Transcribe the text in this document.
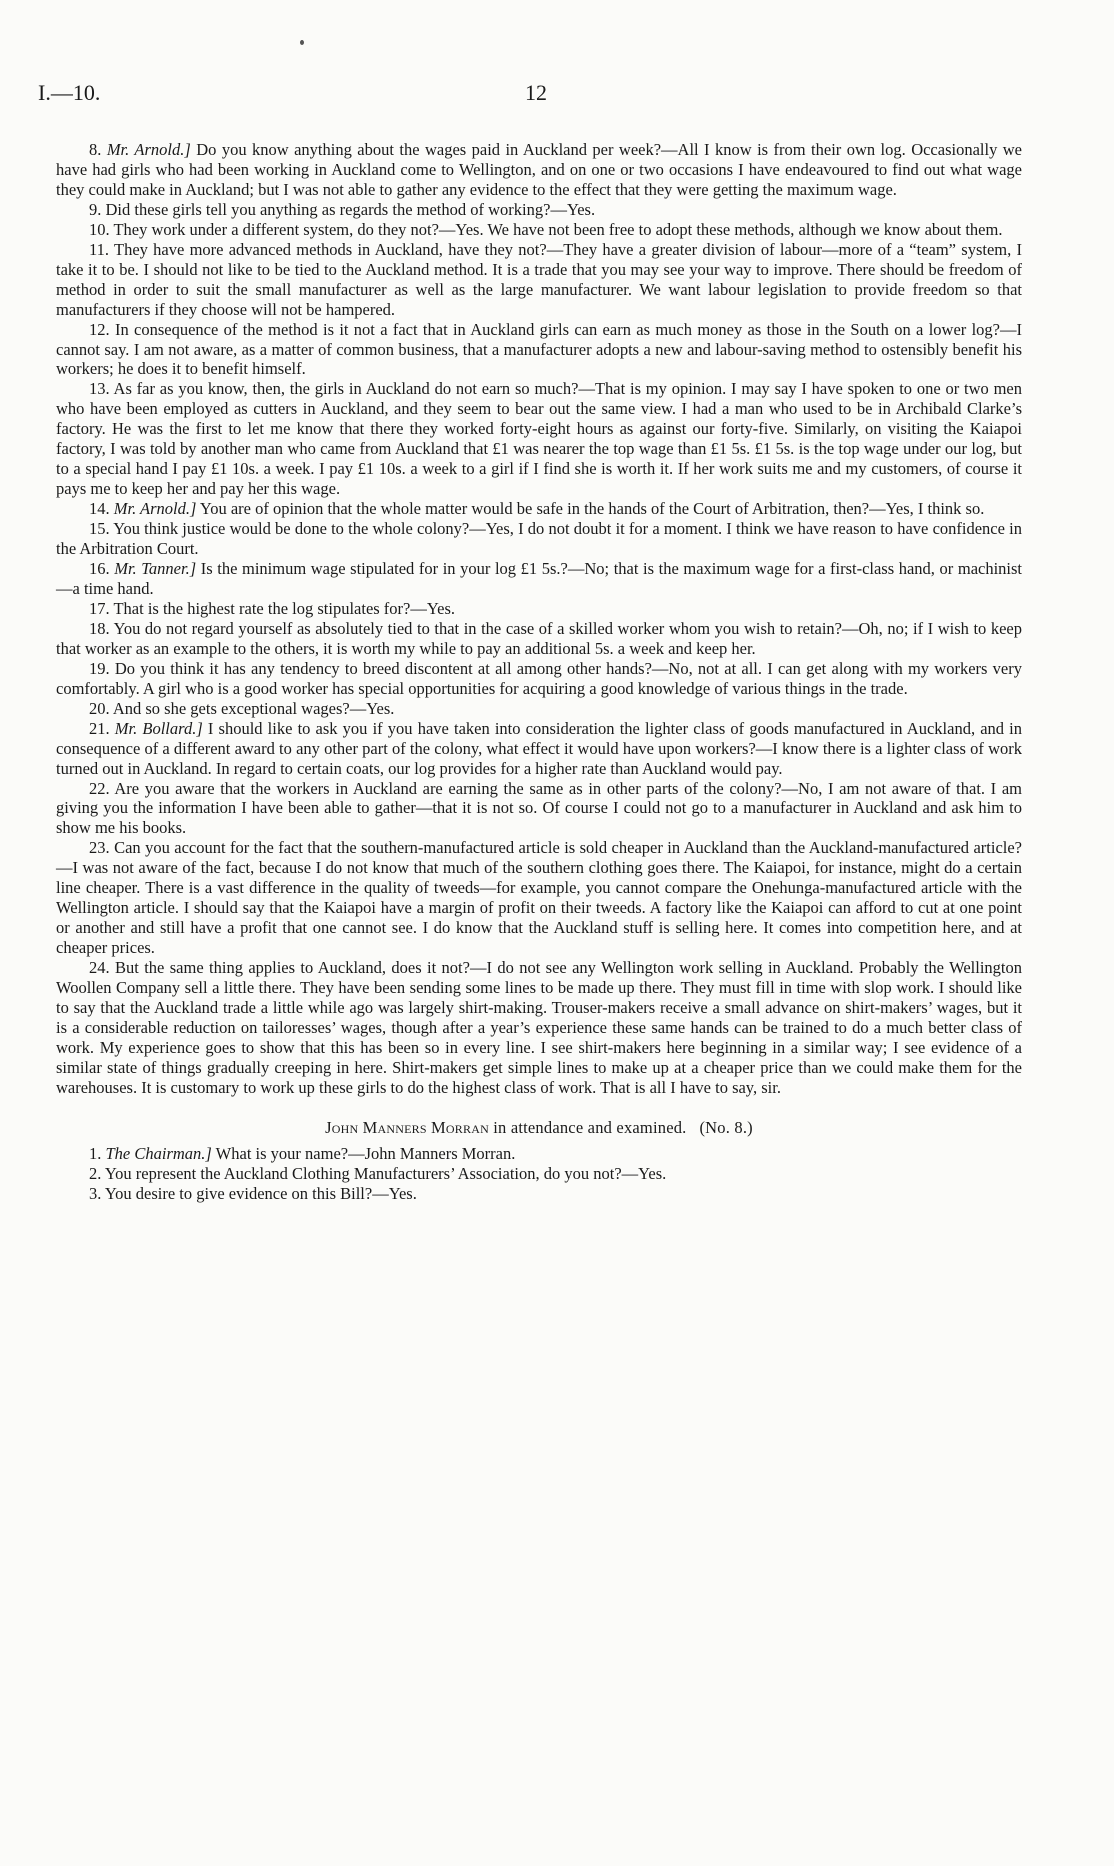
I.—10.	12

8. Mr. Arnold.] Do you know anything about the wages paid in Auckland per week?—All I know is from their own log. Occasionally we have had girls who had been working in Auckland come to Wellington, and on one or two occasions I have endeavoured to find out what wage they could make in Auckland; but I was not able to gather any evidence to the effect that they were getting the maximum wage.

9. Did these girls tell you anything as regards the method of working?—Yes.

10. They work under a different system, do they not?—Yes. We have not been free to adopt these methods, although we know about them.

11. They have more advanced methods in Auckland, have they not?—They have a greater division of labour—more of a “team” system, I take it to be. I should not like to be tied to the Auckland method. It is a trade that you may see your way to improve. There should be freedom of method in order to suit the small manufacturer as well as the large manufacturer. We want labour legislation to provide freedom so that manufacturers if they choose will not be hampered.

12. In consequence of the method is it not a fact that in Auckland girls can earn as much money as those in the South on a lower log?—I cannot say. I am not aware, as a matter of common business, that a manufacturer adopts a new and labour-saving method to ostensibly benefit his workers; he does it to benefit himself.

13. As far as you know, then, the girls in Auckland do not earn so much?—That is my opinion. I may say I have spoken to one or two men who have been employed as cutters in Auckland, and they seem to bear out the same view. I had a man who used to be in Archibald Clarke’s factory. He was the first to let me know that there they worked forty-eight hours as against our forty-five. Similarly, on visiting the Kaiapoi factory, I was told by another man who came from Auckland that £1 was nearer the top wage than £1 5s. £1 5s. is the top wage under our log, but to a special hand I pay £1 10s. a week. I pay £1 10s. a week to a girl if I find she is worth it. If her work suits me and my customers, of course it pays me to keep her and pay her this wage.

14. Mr. Arnold.] You are of opinion that the whole matter would be safe in the hands of the Court of Arbitration, then?—Yes, I think so.

15. You think justice would be done to the whole colony?—Yes, I do not doubt it for a moment. I think we have reason to have confidence in the Arbitration Court.

16. Mr. Tanner.] Is the minimum wage stipulated for in your log £1 5s.?—No; that is the maximum wage for a first-class hand, or machinist—a time hand.

17. That is the highest rate the log stipulates for?—Yes.

18. You do not regard yourself as absolutely tied to that in the case of a skilled worker whom you wish to retain?—Oh, no; if I wish to keep that worker as an example to the others, it is worth my while to pay an additional 5s. a week and keep her.

19. Do you think it has any tendency to breed discontent at all among other hands?—No, not at all. I can get along with my workers very comfortably. A girl who is a good worker has special opportunities for acquiring a good knowledge of various things in the trade.

20. And so she gets exceptional wages?—Yes.

21. Mr. Bollard.] I should like to ask you if you have taken into consideration the lighter class of goods manufactured in Auckland, and in consequence of a different award to any other part of the colony, what effect it would have upon workers?—I know there is a lighter class of work turned out in Auckland. In regard to certain coats, our log provides for a higher rate than Auckland would pay.

22. Are you aware that the workers in Auckland are earning the same as in other parts of the colony?—No, I am not aware of that. I am giving you the information I have been able to gather—that it is not so. Of course I could not go to a manufacturer in Auckland and ask him to show me his books.

23. Can you account for the fact that the southern-manufactured article is sold cheaper in Auckland than the Auckland-manufactured article?—I was not aware of the fact, because I do not know that much of the southern clothing goes there. The Kaiapoi, for instance, might do a certain line cheaper. There is a vast difference in the quality of tweeds—for example, you cannot compare the Onehunga-manufactured article with the Wellington article. I should say that the Kaiapoi have a margin of profit on their tweeds. A factory like the Kaiapoi can afford to cut at one point or another and still have a profit that one cannot see. I do know that the Auckland stuff is selling here. It comes into competition here, and at cheaper prices.

24. But the same thing applies to Auckland, does it not?—I do not see any Wellington work selling in Auckland. Probably the Wellington Woollen Company sell a little there. They have been sending some lines to be made up there. They must fill in time with slop work. I should like to say that the Auckland trade a little while ago was largely shirt-making. Trouser-makers receive a small advance on shirt-makers’ wages, but it is a considerable reduction on tailoresses’ wages, though after a year’s experience these same hands can be trained to do a much better class of work. My experience goes to show that this has been so in every line. I see shirt-makers here beginning in a similar way; I see evidence of a similar state of things gradually creeping in here. Shirt-makers get simple lines to make up at a cheaper price than we could make them for the warehouses. It is customary to work up these girls to do the highest class of work. That is all I have to say, sir.

John Manners Morran in attendance and examined. (No. 8.)

1. The Chairman.] What is your name?—John Manners Morran.

2. You represent the Auckland Clothing Manufacturers’ Association, do you not?—Yes.

3. You desire to give evidence on this Bill?—Yes.
